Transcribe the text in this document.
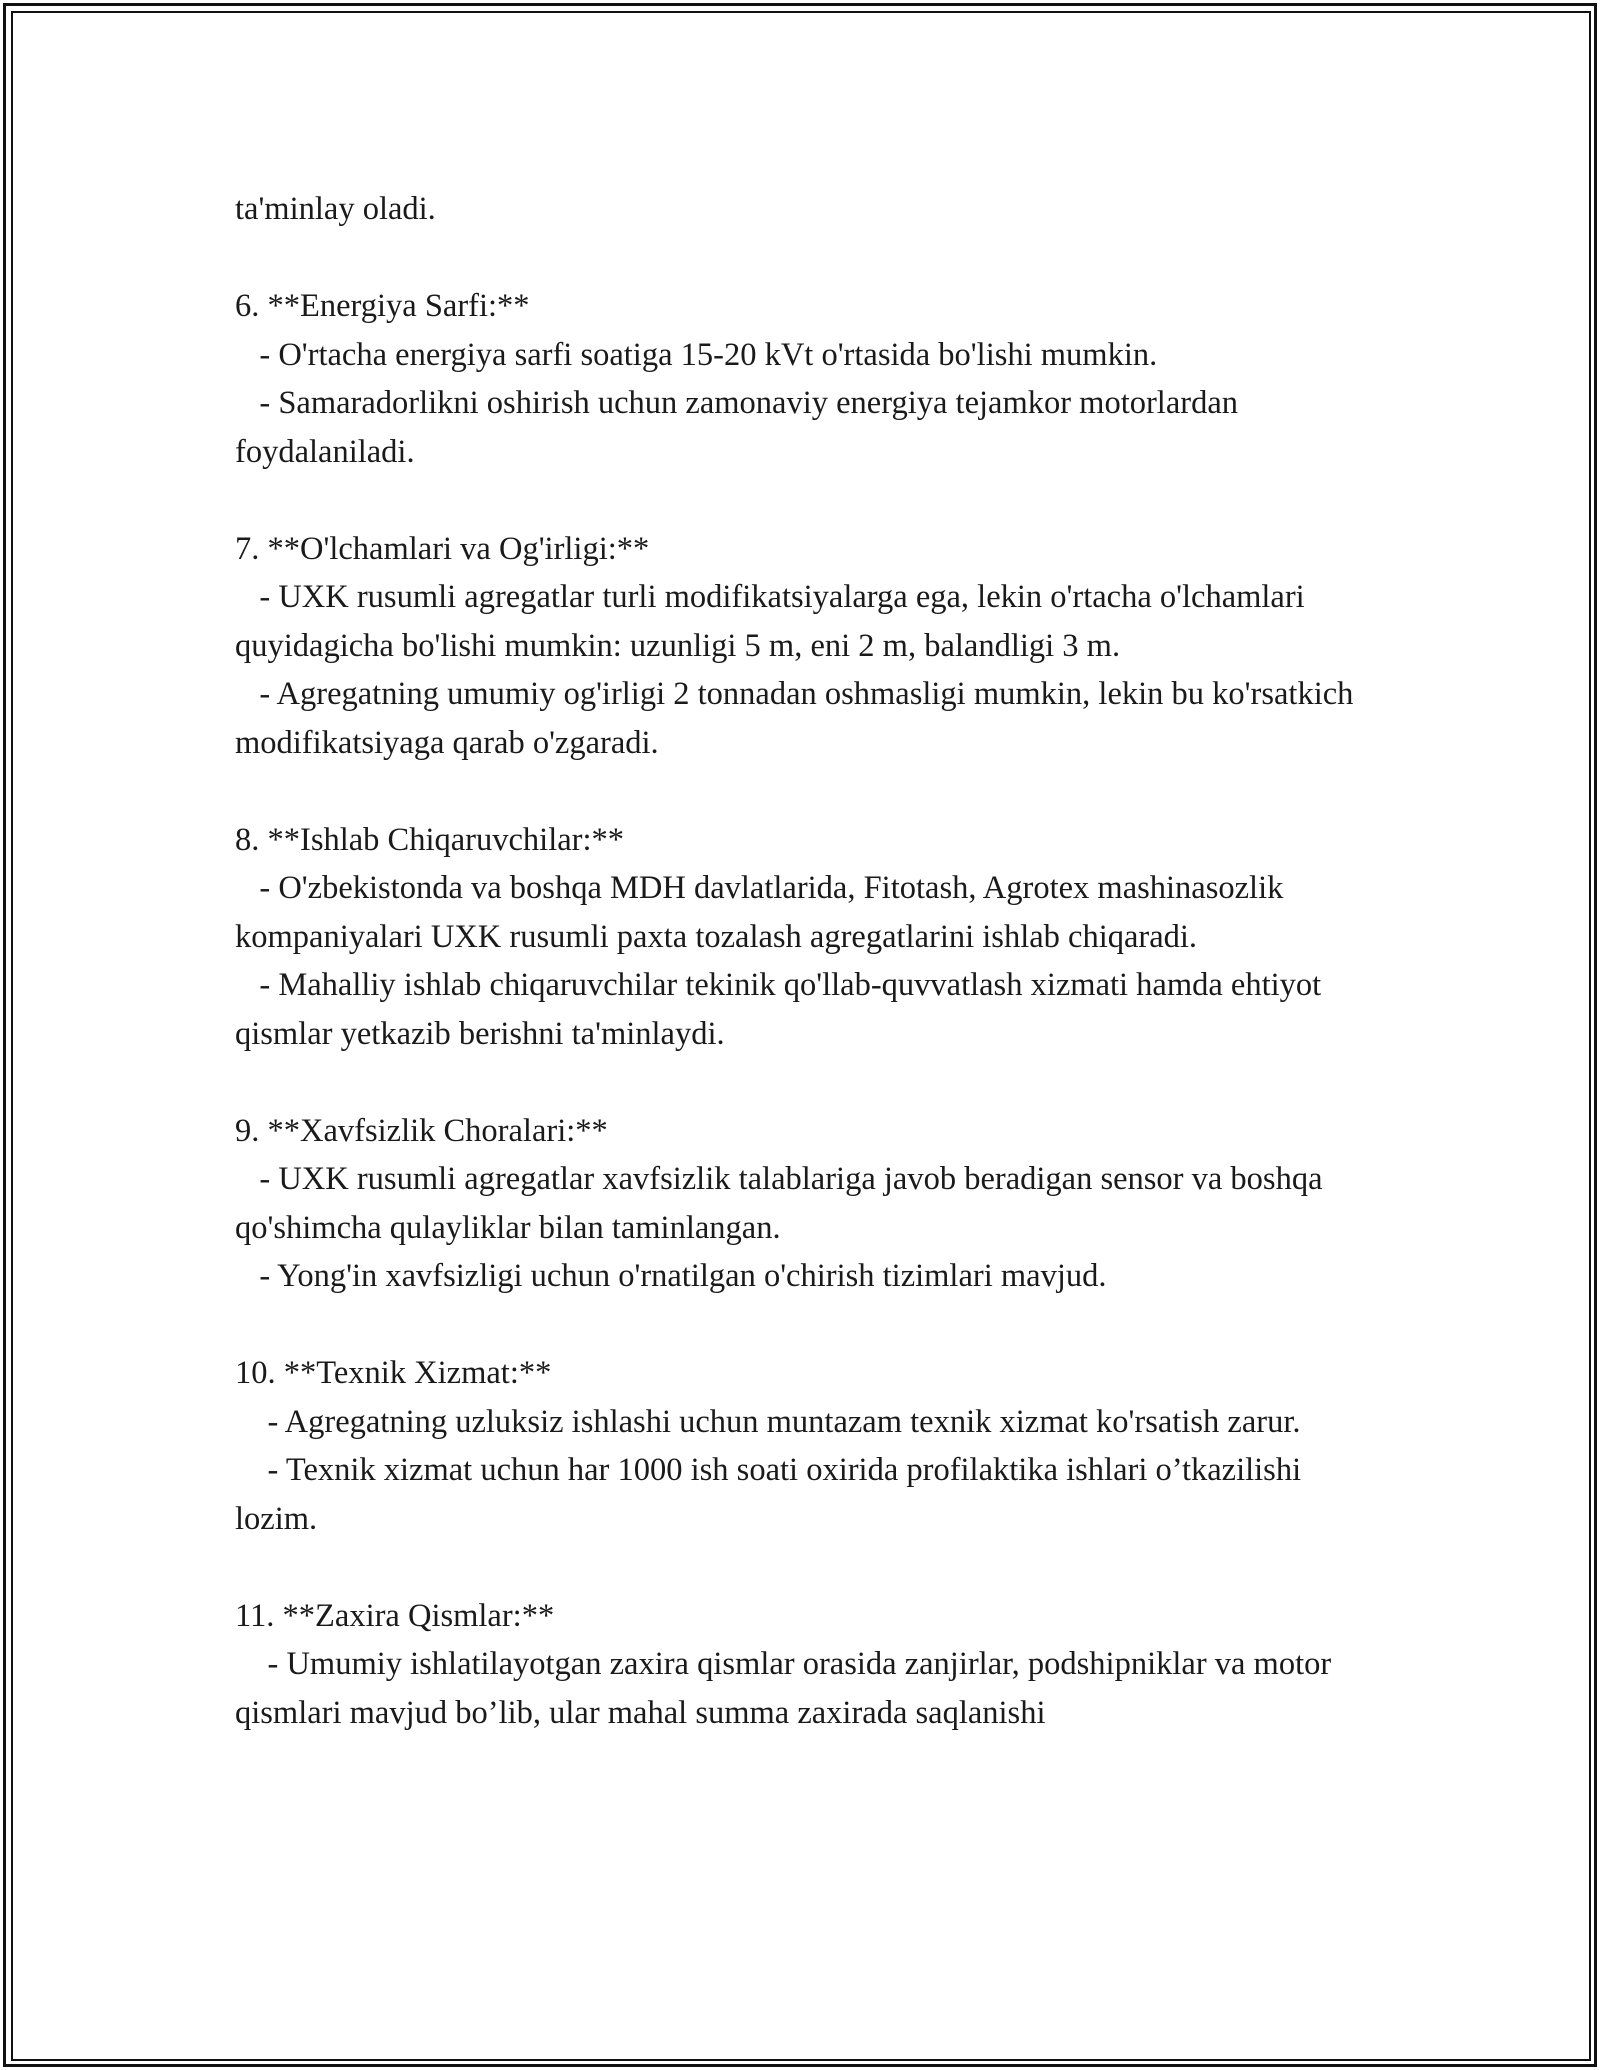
ta'minlay oladi.

6. **Energiya Sarfi:**

- O'rtacha energiya sarfi soatiga 15-20 kVt o'rtasida bo'lishi mumkin.

- Samaradorlikni oshirish uchun zamonaviy energiya tejamkor motorlardan foydalaniladi.

7. **O'lchamlari va Og'irligi:**

- UXK rusumli agregatlar turli modifikatsiyalarga ega, lekin o'rtacha o'lchamlari quyidagicha bo'lishi mumkin: uzunligi 5 m, eni 2 m, balandligi 3 m.

- Agregatning umumiy og'irligi 2 tonnadan oshmasligi mumkin, lekin bu ko'rsatkich modifikatsiyaga qarab o'zgaradi.

8. **Ishlab Chiqaruvchilar:**

- O'zbekistonda va boshqa MDH davlatlarida, Fitotash, Agrotex mashinasozlik kompaniyalari UXK rusumli paxta tozalash agregatlarini ishlab chiqaradi.

- Mahalliy ishlab chiqaruvchilar tekinik qo'llab-quvvatlash xizmati hamda ehtiyot qismlar yetkazib berishni ta'minlaydi.

9. **Xavfsizlik Choralari:**

- UXK rusumli agregatlar xavfsizlik talablariga javob beradigan sensor va boshqa qo'shimcha qulayliklar bilan taminlangan.

- Yong'in xavfsizligi uchun o'rnatilgan o'chirish tizimlari mavjud.

10. **Texnik Xizmat:**

- Agregatning uzluksiz ishlashi uchun muntazam texnik xizmat ko'rsatish zarur.

- Texnik xizmat uchun har 1000 ish soati oxirida profilaktika ishlari o’tkazilishi lozim.

11. **Zaxira Qismlar:**

- Umumiy ishlatilayotgan zaxira qismlar orasida zanjirlar, podshipniklar va motor qismlari mavjud bo’lib, ular mahal summa zaxirada saqlanishi
